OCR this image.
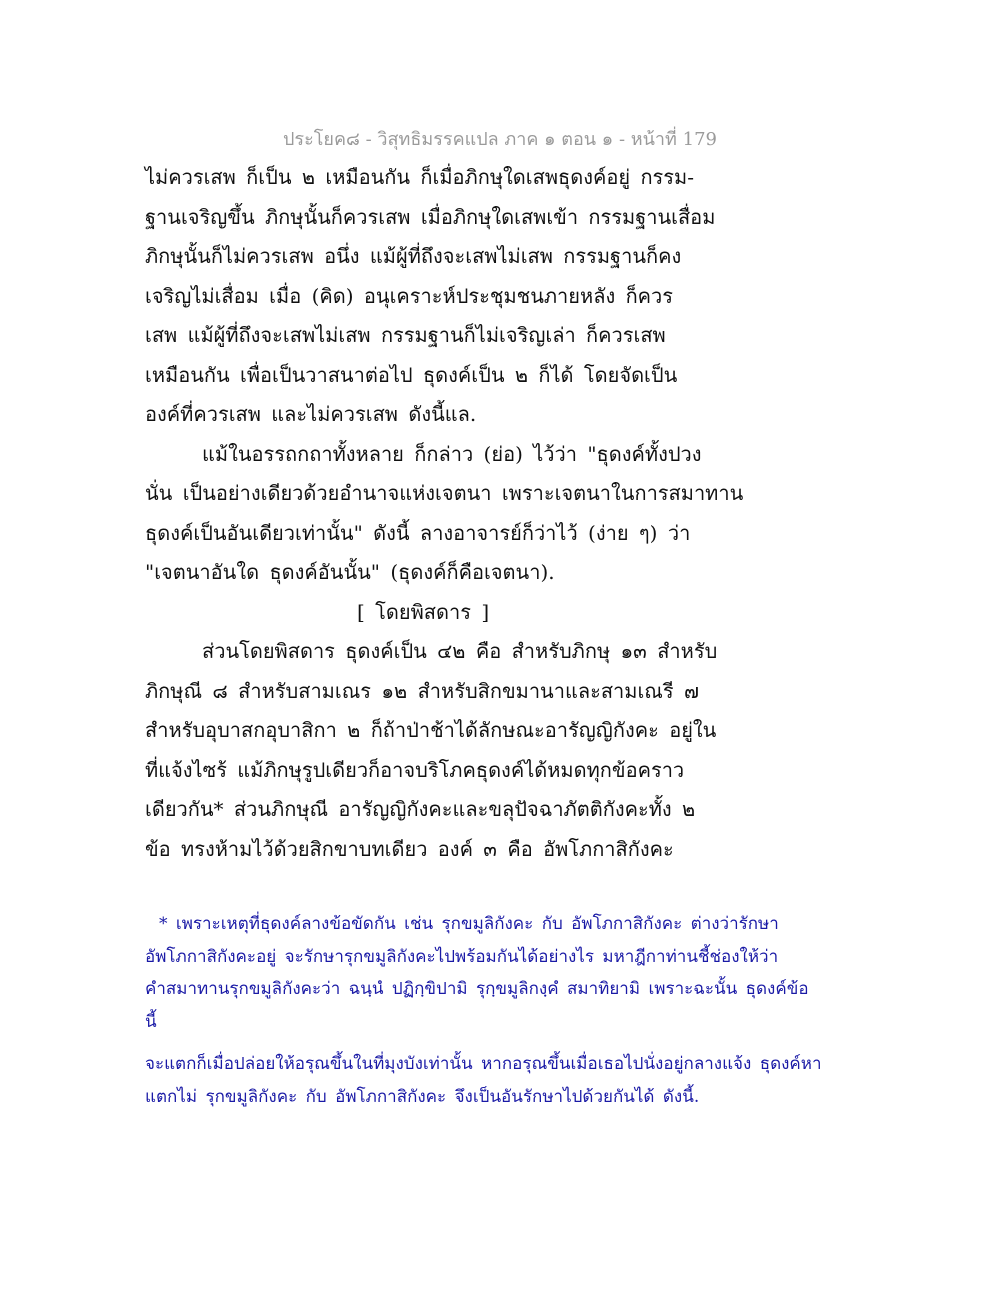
ประโยค๘ - วิสุทธิมรรคแปล ภาค ๑ ตอน ๑ - หน้าที่ 179
ไม่ควรเสพ ก็เป็น ๒ เหมือนกัน ก็เมื่อภิกษุใดเสพธุดงค์อยู่ กรรม-
ฐานเจริญขึ้น ภิกษุนั้นก็ควรเสพ เมื่อภิกษุใดเสพเข้า กรรมฐานเสื่อม
ภิกษุนั้นก็ไม่ควรเสพ อนึ่ง แม้ผู้ที่ถึงจะเสพไม่เสพ กรรมฐานก็คง
เจริญไม่เสื่อม เมื่อ (คิด) อนุเคราะห์ประชุมชนภายหลัง ก็ควร
เสพ แม้ผู้ที่ถึงจะเสพไม่เสพ กรรมฐานก็ไม่เจริญเล่า ก็ควรเสพ
เหมือนกัน เพื่อเป็นวาสนาต่อไป ธุดงค์เป็น ๒ ก็ได้ โดยจัดเป็น
องค์ที่ควรเสพ และไม่ควรเสพ ดังนี้แล.
แม้ในอรรถกถาทั้งหลาย ก็กล่าว (ย่อ) ไว้ว่า "ธุดงค์ทั้งปวง
นั่น เป็นอย่างเดียวด้วยอำนาจแห่งเจตนา เพราะเจตนาในการสมาทาน
ธุดงค์เป็นอันเดียวเท่านั้น" ดังนี้ ลางอาจารย์ก็ว่าไว้ (ง่าย ๆ) ว่า
"เจตนาอันใด ธุดงค์อันนั้น" (ธุดงค์ก็คือเจตนา).
[ โดยพิสดาร ]
ส่วนโดยพิสดาร ธุดงค์เป็น ๔๒ คือ สำหรับภิกษุ ๑๓ สำหรับ
ภิกษุณี ๘ สำหรับสามเณร ๑๒ สำหรับสิกขมานาและสามเณรี ๗
สำหรับอุบาสกอุบาสิกา ๒ ก็ถ้าป่าช้าได้ลักษณะอารัญญิกังคะ อยู่ใน
ที่แจ้งไซร้ แม้ภิกษุรูปเดียวก็อาจบริโภคธุดงค์ได้หมดทุกข้อคราว
เดียวกัน* ส่วนภิกษุณี อารัญญิกังคะและขลุปัจฉาภัตติกังคะทั้ง ๒
ข้อ ทรงห้ามไว้ด้วยสิกขาบทเดียว องค์ ๓ คือ อัพโภกาสิกังคะ
* เพราะเหตุที่ธุดงค์ลางข้อขัดกัน เช่น รุกขมูลิกังคะ กับ อัพโภกาสิกังคะ ต่างว่ารักษา
อัพโภกาสิกังคะอยู่ จะรักษารุกขมูลิกังคะไปพร้อมกันได้อย่างไร มหาฎีกาท่านชี้ช่องให้ว่า
คำสมาทานรุกขมูลิกังคะว่า ฉนฺนํ ปฏิกฺขิปามิ รุกฺขมูลิกงฺคํ สมาทิยามิ เพราะฉะนั้น ธุดงค์ข้อ
นี้
จะแตกก็เมื่อปล่อยให้อรุณขึ้นในที่มุงบังเท่านั้น หากอรุณขึ้นเมื่อเธอไปนั่งอยู่กลางแจ้ง ธุดงค์หา
แตกไม่ รุกขมูลิกังคะ กับ อัพโภกาสิกังคะ จึงเป็นอันรักษาไปด้วยกันได้ ดังนี้.
